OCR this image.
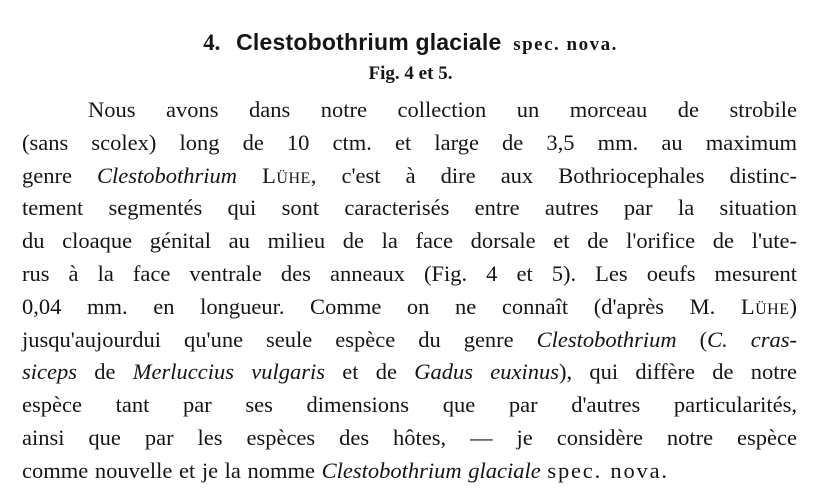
4. Clestobothrium glaciale spec. nova.
Fig. 4 et 5.
Nous avons dans notre collection un morceau de strobile
(sans scolex) long de 10 ctm. et large de 3,5 mm. au maximum
genre Clestobothrium Lühe, c'est à dire aux Bothriocephales distinc-
tement segmentés qui sont caracterisés entre autres par la situation
du cloaque génital au milieu de la face dorsale et de l'orifice de l'ute-
rus à la face ventrale des anneaux (Fig. 4 et 5). Les oeufs mesurent
0,04 mm. en longueur. Comme on ne connaît (d'après M. Lühe)
jusqu'aujourdui qu'une seule espèce du genre Clestobothrium (C. cras-
siceps de Merluccius vulgaris et de Gadus euxinus), qui diffère de notre
espèce tant par ses dimensions que par d'autres particularités,
ainsi que par les espèces des hôtes, — je considère notre espèce
comme nouvelle et je la nomme Clestobothrium glaciale spec. nova.
